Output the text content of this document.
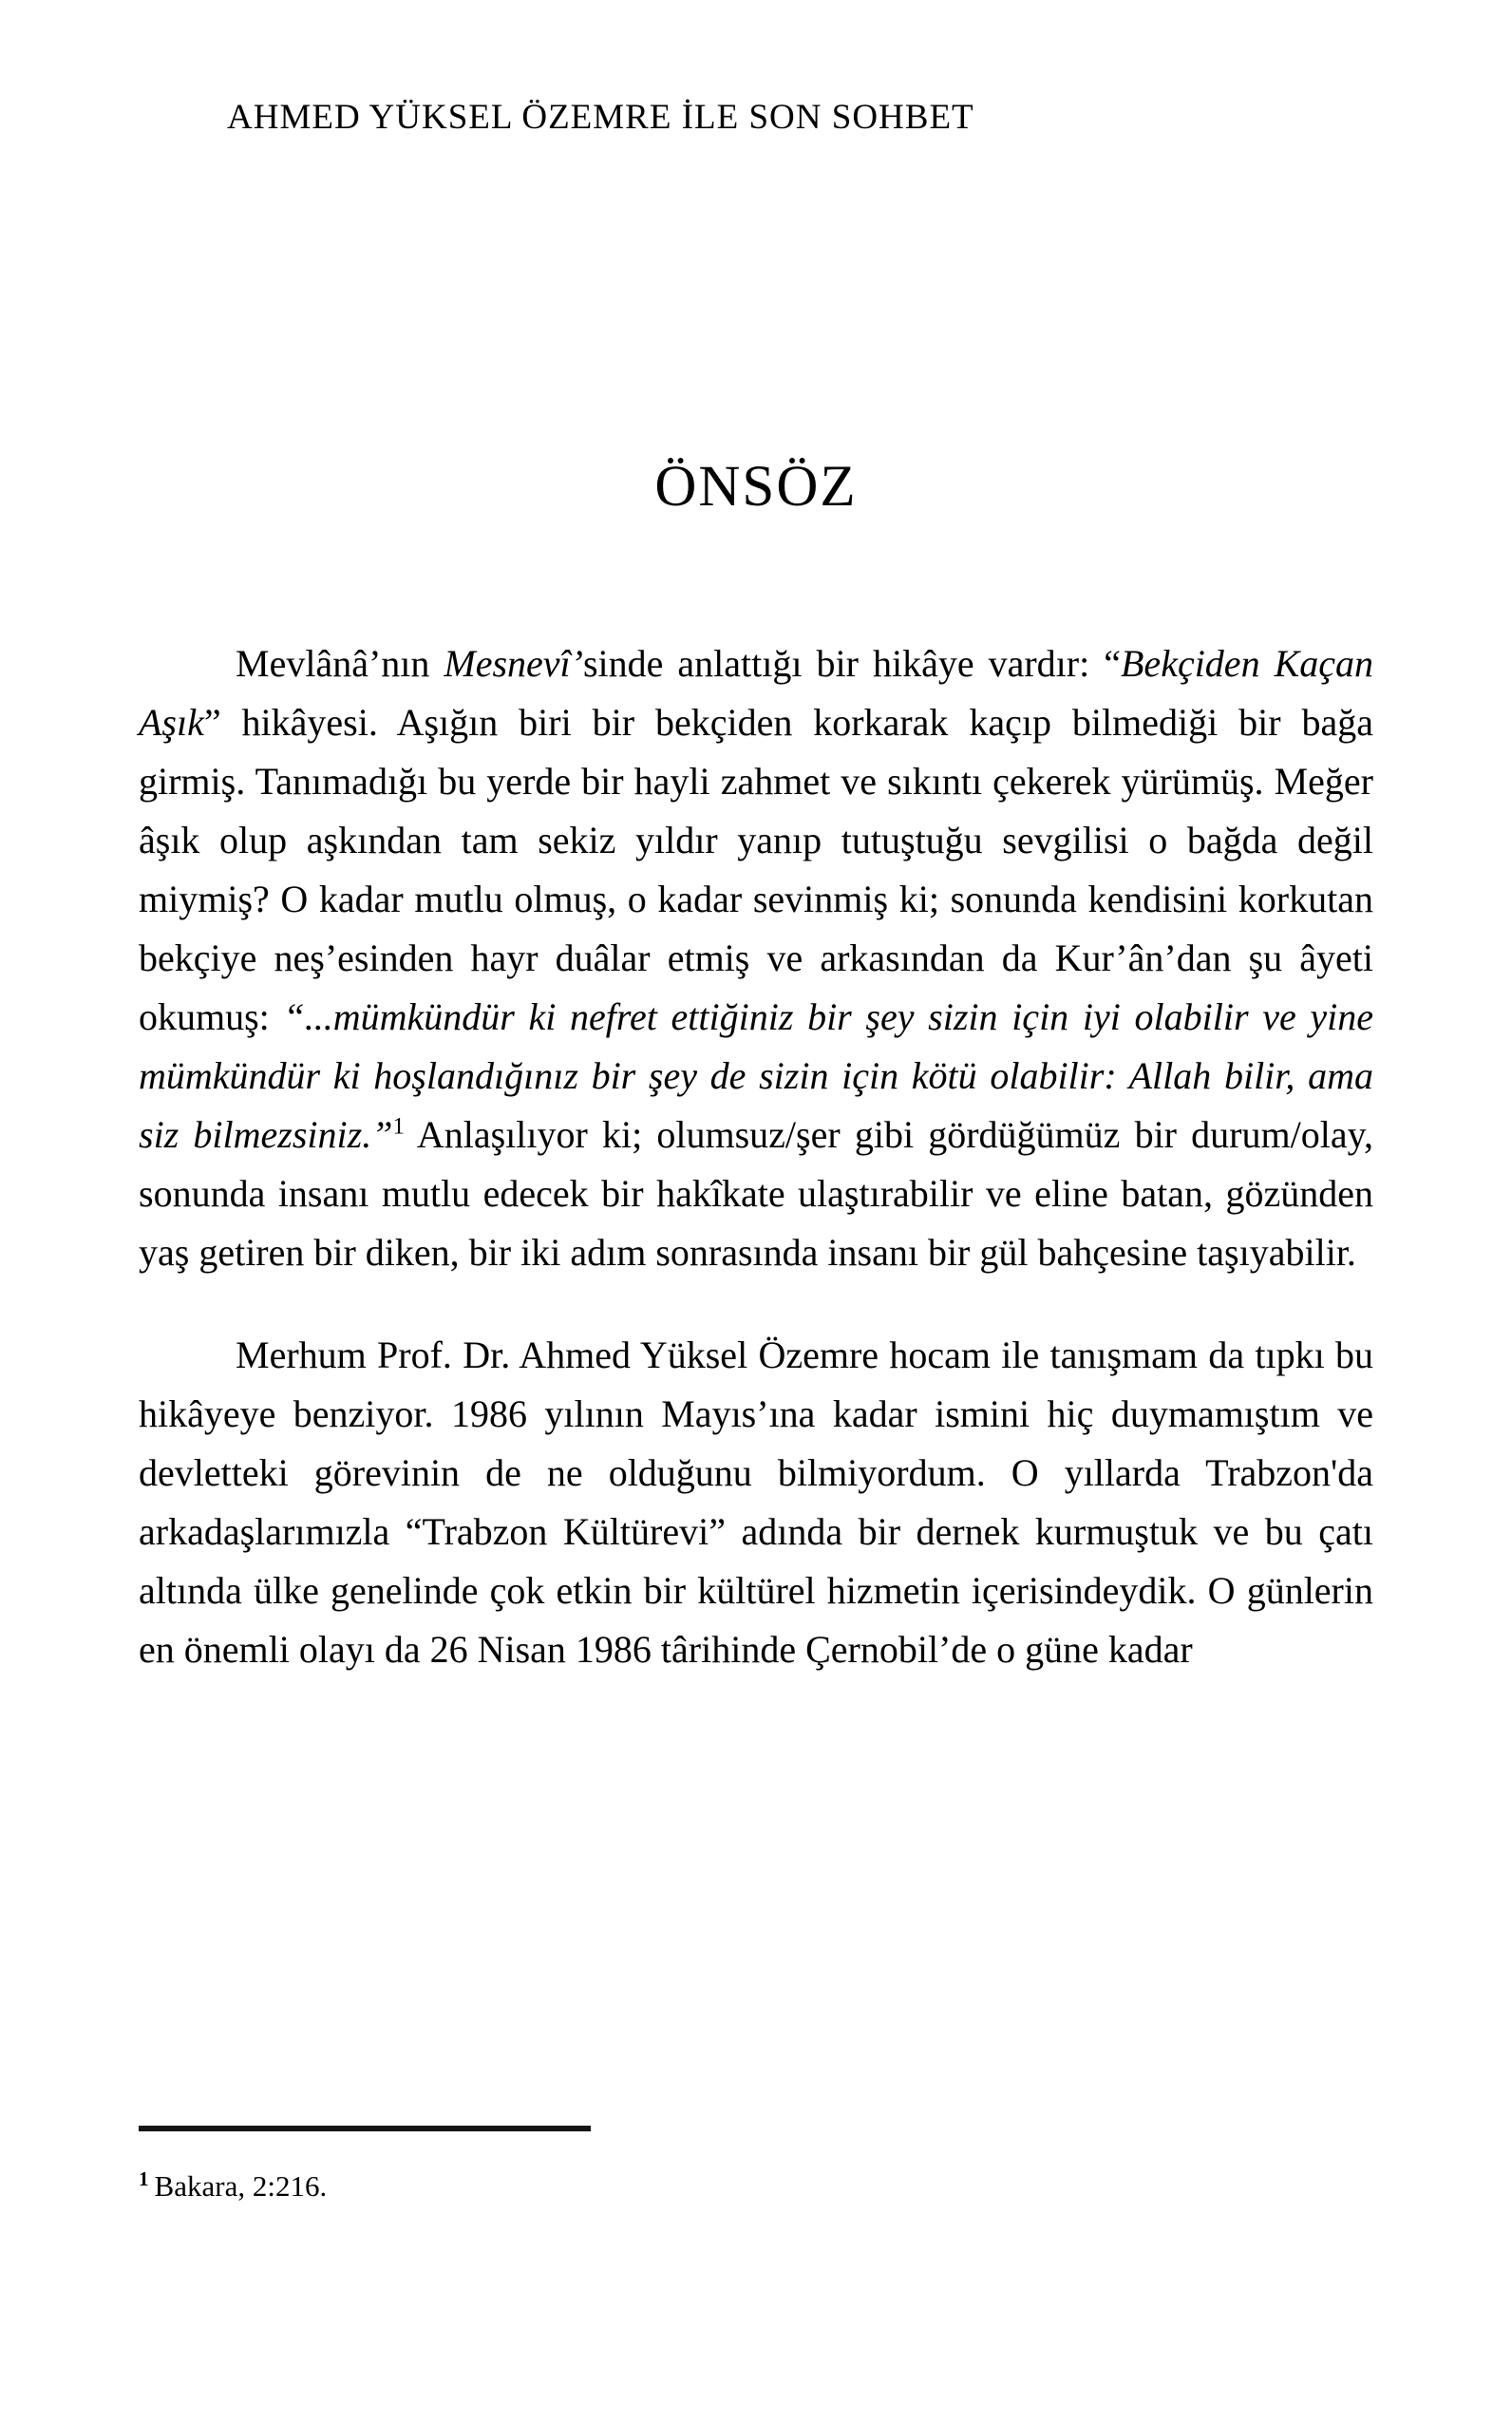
AHMED YÜKSEL ÖZEMRE İLE SON SOHBET
ÖNSÖZ

Mevlânâ’nın Mesnevî’sinde anlattığı bir hikâye vardır: “Bekçiden Kaçan Aşık” hikâyesi. Aşığın biri bir bekçiden korkarak kaçıp bilmediği bir bağa girmiş. Tanımadığı bu yerde bir hayli zahmet ve sıkıntı çekerek yürümüş. Meğer âşık olup aşkından tam sekiz yıldır yanıp tutuştuğu sevgilisi o bağda değil miymiş? O kadar mutlu olmuş, o kadar sevinmiş ki; sonunda kendisini korkutan bekçiye neş’esinden hayr duâlar etmiş ve arkasından da Kur’ân’dan şu âyeti okumuş: “...mümkündür ki nefret ettiğiniz bir şey sizin için iyi olabilir ve yine mümkündür ki hoşlandığınız bir şey de sizin için kötü olabilir: Allah bilir, ama siz bilmezsiniz.”$^1$ Anlaşılıyor ki; olumsuz/şer gibi gördüğümüz bir durum/olay, sonunda insanı mutlu edecek bir hakîkate ulaştırabilir ve eline batan, gözünden yaş getiren bir diken, bir iki adım sonrasında insanı bir gül bahçesine taşıyabilir.

Merhum Prof. Dr. Ahmed Yüksel Özemre hocam ile tanışmam da tıpkı bu hikâyeye benziyor. 1986 yılının Mayıs’ına kadar ismini hiç duymamıştım ve devletteki görevinin de ne olduğunu bilmiyordum. O yıllarda Trabzon'da arkadaşlarımızla “Trabzon Kültürevi” adında bir dernek kurmuştuk ve bu çatı altında ülke genelinde çok etkin bir kültürel hizmetin içerisindeydik. O günlerin en önemli olayı da 26 Nisan 1986 târihinde Çernobil’de o güne kadar

$^1$ Bakara, 2:216.
